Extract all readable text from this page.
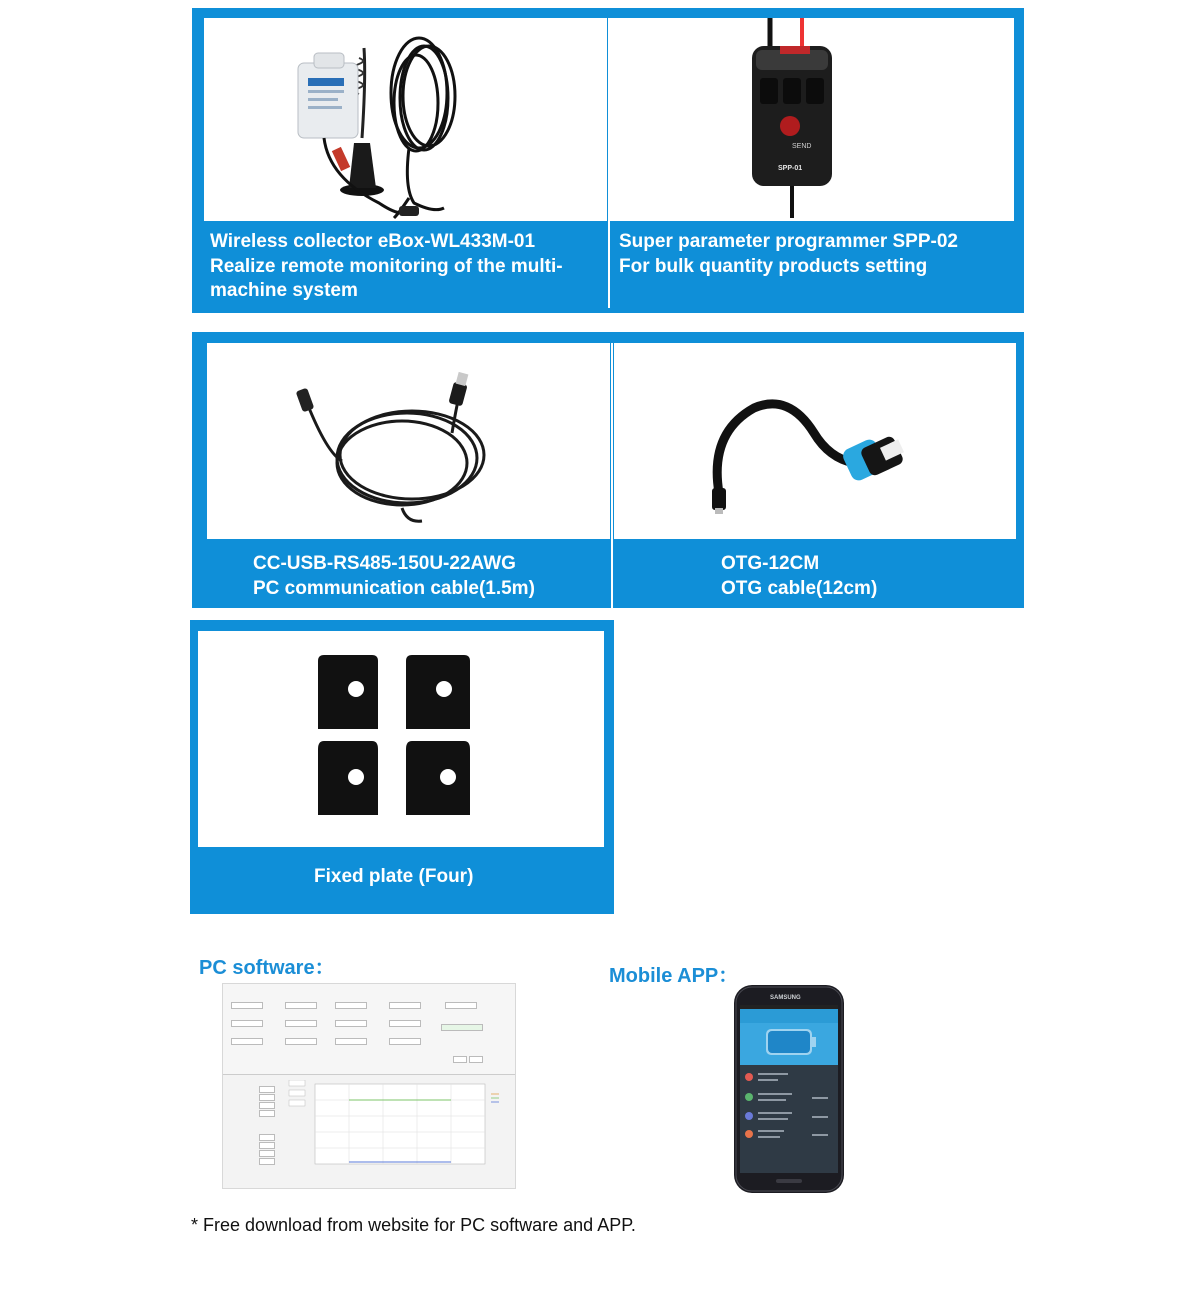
SEND
SPP-01
Wireless collector eBox-WL433M-01
Realize remote monitoring of the multi-
machine system
Super parameter programmer SPP-02
For bulk quantity products setting
CC-USB-RS485-150U-22AWG
PC communication cable(1.5m)
OTG-12CM
OTG cable(12cm)
Fixed plate (Four)
PC software：	Mobile APP：
SAMSUNG
* Free download from website for PC software and APP.
